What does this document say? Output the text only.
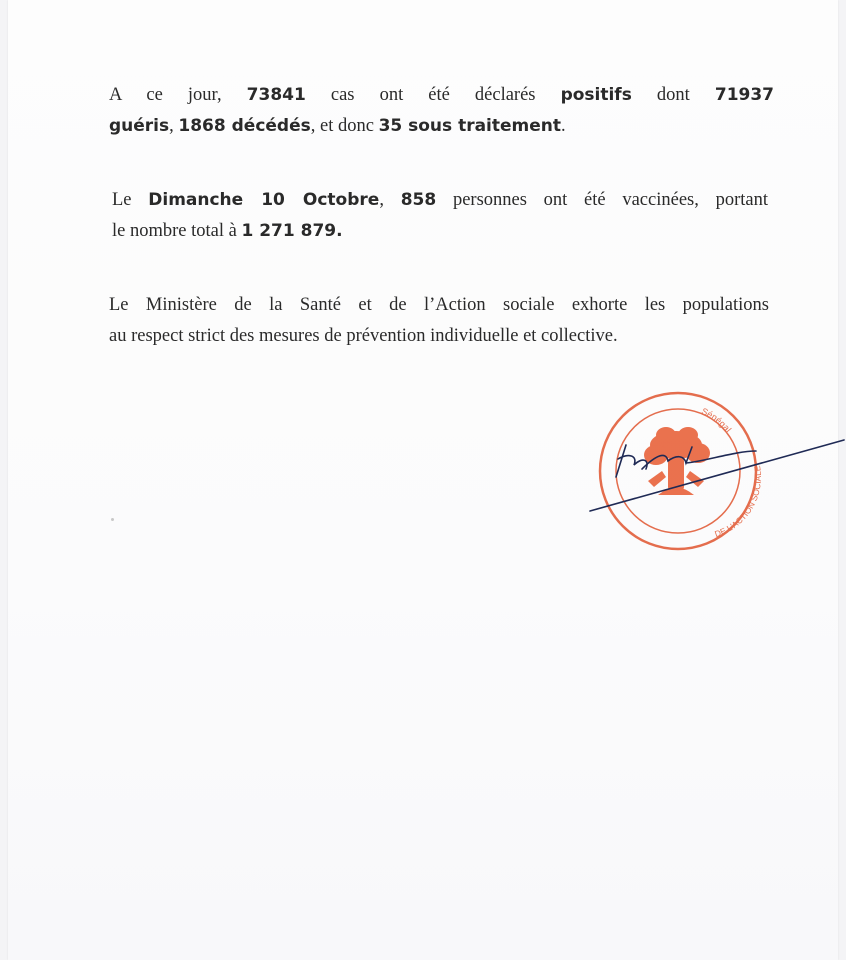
A ce jour, 73841 cas ont été déclarés positifs dont 71937
guéris, 1868 décédés, et donc 35 sous traitement.
Le Dimanche 10 Octobre, 858 personnes ont été vaccinées, portant
le nombre total à 1 271 879.
Le Ministère de la Santé et de l’Action sociale exhorte les populations
au respect strict des mesures de prévention individuelle et collective.
Sénégal
DE L'ACTION SOCIALE
